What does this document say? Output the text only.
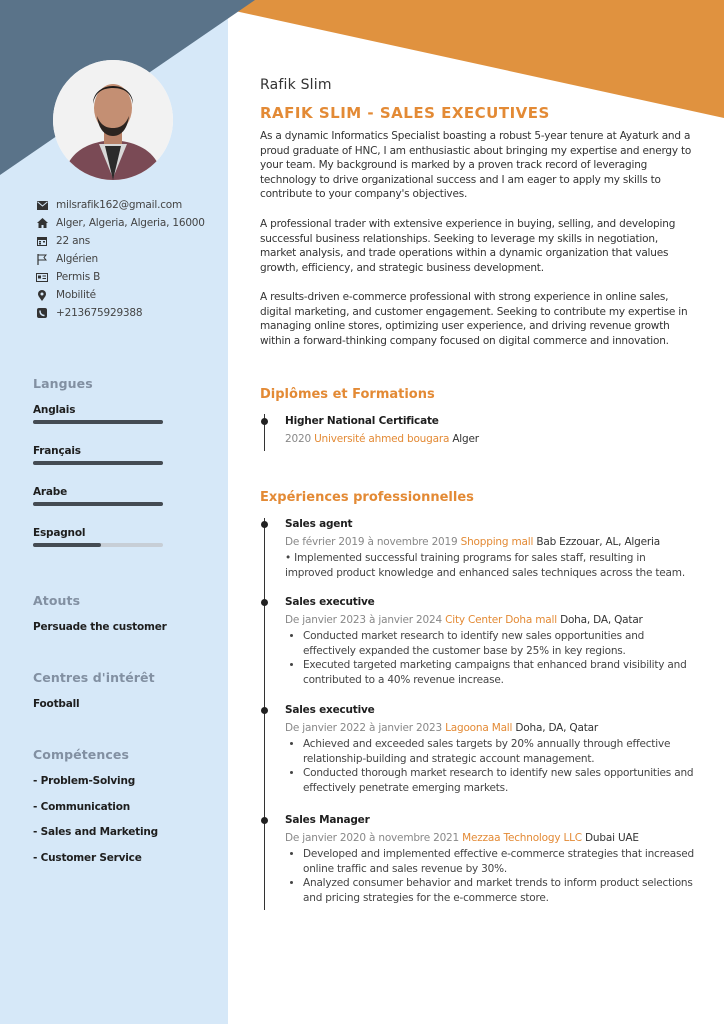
milsrafik162@gmail.com
Alger, Algeria, Algeria, 16000
22 ans
Algérien
Permis B
Mobilité
+213675929388
Langues
Anglais
Français
Arabe
Espagnol
Atouts
Persuade the customer
Centres d'intérêt
Football
Compétences
- Problem-Solving
- Communication
- Sales and Marketing
- Customer Service
Rafik Slim
RAFIK SLIM - SALES EXECUTIVES
As a dynamic Informatics Specialist boasting a robust 5-year tenure at Ayaturk and a proud graduate of HNC, I am enthusiastic about bringing my expertise and energy to your team. My background is marked by a proven track record of leveraging technology to drive organizational success and I am eager to apply my skills to contribute to your company's objectives.
A professional trader with extensive experience in buying, selling, and developing successful business relationships. Seeking to leverage my skills in negotiation, market analysis, and trade operations within a dynamic organization that values growth, efficiency, and strategic business development.
A results-driven e-commerce professional with strong experience in online sales, digital marketing, and customer engagement. Seeking to contribute my expertise in managing online stores, optimizing user experience, and driving revenue growth within a forward-thinking company focused on digital commerce and innovation.
Diplômes et Formations
Higher National Certificate
2020 Université ahmed bougara Alger
Expériences professionnelles
Sales agent
De février 2019 à novembre 2019 Shopping mall Bab Ezzouar, AL, Algeria
• Implemented successful training programs for sales staff, resulting in improved product knowledge and enhanced sales techniques across the team.
Sales executive
De janvier 2023 à janvier 2024 City Center Doha mall Doha, DA, Qatar
• Conducted market research to identify new sales opportunities and effectively expanded the customer base by 25% in key regions.
• Executed targeted marketing campaigns that enhanced brand visibility and contributed to a 40% revenue increase.
Sales executive
De janvier 2022 à janvier 2023 Lagoona Mall Doha, DA, Qatar
• Achieved and exceeded sales targets by 20% annually through effective relationship-building and strategic account management.
• Conducted thorough market research to identify new sales opportunities and effectively penetrate emerging markets.
Sales Manager
De janvier 2020 à novembre 2021 Mezzaa Technology LLC Dubai UAE
• Developed and implemented effective e-commerce strategies that increased online traffic and sales revenue by 30%.
• Analyzed consumer behavior and market trends to inform product selections and pricing strategies for the e-commerce store.
